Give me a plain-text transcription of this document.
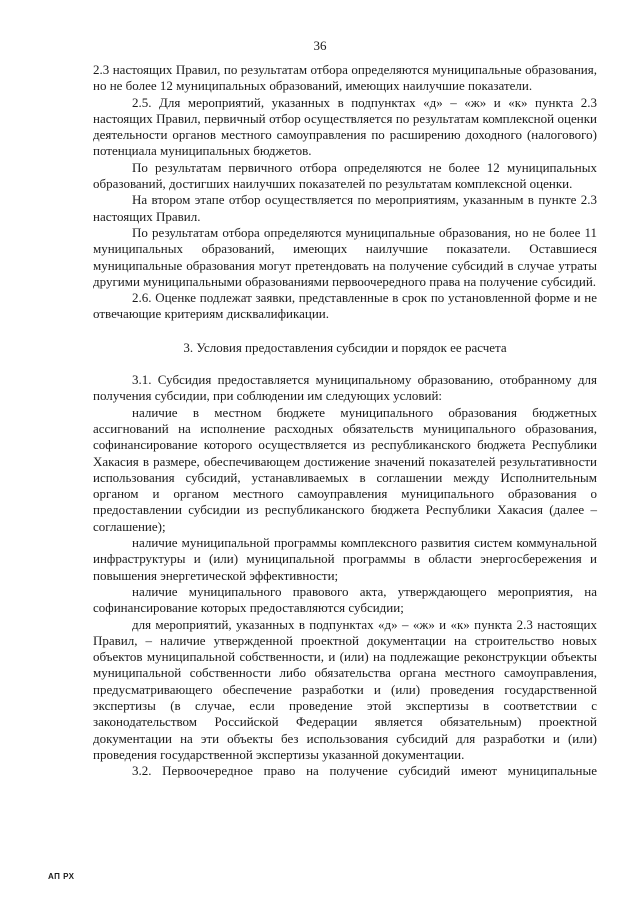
36

2.3 настоящих Правил, по результатам отбора определяются муниципальные образования, но не более 12 муниципальных образований, имеющих наилучшие показатели.

2.5. Для мероприятий, указанных в подпунктах «д» – «ж» и «к» пункта 2.3 настоящих Правил, первичный отбор осуществляется по результатам комплексной оценки деятельности органов местного самоуправления по расширению доходного (налогового) потенциала муниципальных бюджетов.

По результатам первичного отбора определяются не более 12 муниципальных образований, достигших наилучших показателей по результатам комплексной оценки.

На втором этапе отбор осуществляется по мероприятиям, указанным в пункте 2.3 настоящих Правил.

По результатам отбора определяются муниципальные образования, но не более 11 муниципальных образований, имеющих наилучшие показатели. Оставшиеся муниципальные образования могут претендовать на получение субсидий в случае утраты другими муниципальными образованиями первоочередного права на получение субсидий.

2.6. Оценке подлежат заявки, представленные в срок по установленной форме и не отвечающие критериям дисквалификации.

3. Условия предоставления субсидии и порядок ее расчета

3.1. Субсидия предоставляется муниципальному образованию, отобранному для получения субсидии, при соблюдении им следующих условий:

наличие в местном бюджете муниципального образования бюджетных ассигнований на исполнение расходных обязательств муниципального образования, софинансирование которого осуществляется из республиканского бюджета Республики Хакасия в размере, обеспечивающем достижение значений показателей результативности использования субсидий, устанавливаемых в соглашении между Исполнительным органом и органом местного самоуправления муниципального образования о предоставлении субсидии из республиканского бюджета Республики Хакасия (далее – соглашение);

наличие муниципальной программы комплексного развития систем коммунальной инфраструктуры и (или) муниципальной программы в области энергосбережения и повышения энергетической эффективности;

наличие муниципального правового акта, утверждающего мероприятия, на софинансирование которых предоставляются субсидии;

для мероприятий, указанных в подпунктах «д» – «ж» и «к» пункта 2.3 настоящих Правил, – наличие утвержденной проектной документации на строительство новых объектов муниципальной собственности, и (или) на подлежащие реконструкции объекты муниципальной собственности либо обязательства органа местного самоуправления, предусматривающего обеспечение разработки и (или) проведения государственной экспертизы (в случае, если проведение этой экспертизы в соответствии с законодательством Российской Федерации является обязательным) проектной документации на эти объекты без использования субсидий для разработки и (или) проведения государственной экспертизы указанной документации.

3.2. Первоочередное право на получение субсидий имеют муниципальные

АП РХ
